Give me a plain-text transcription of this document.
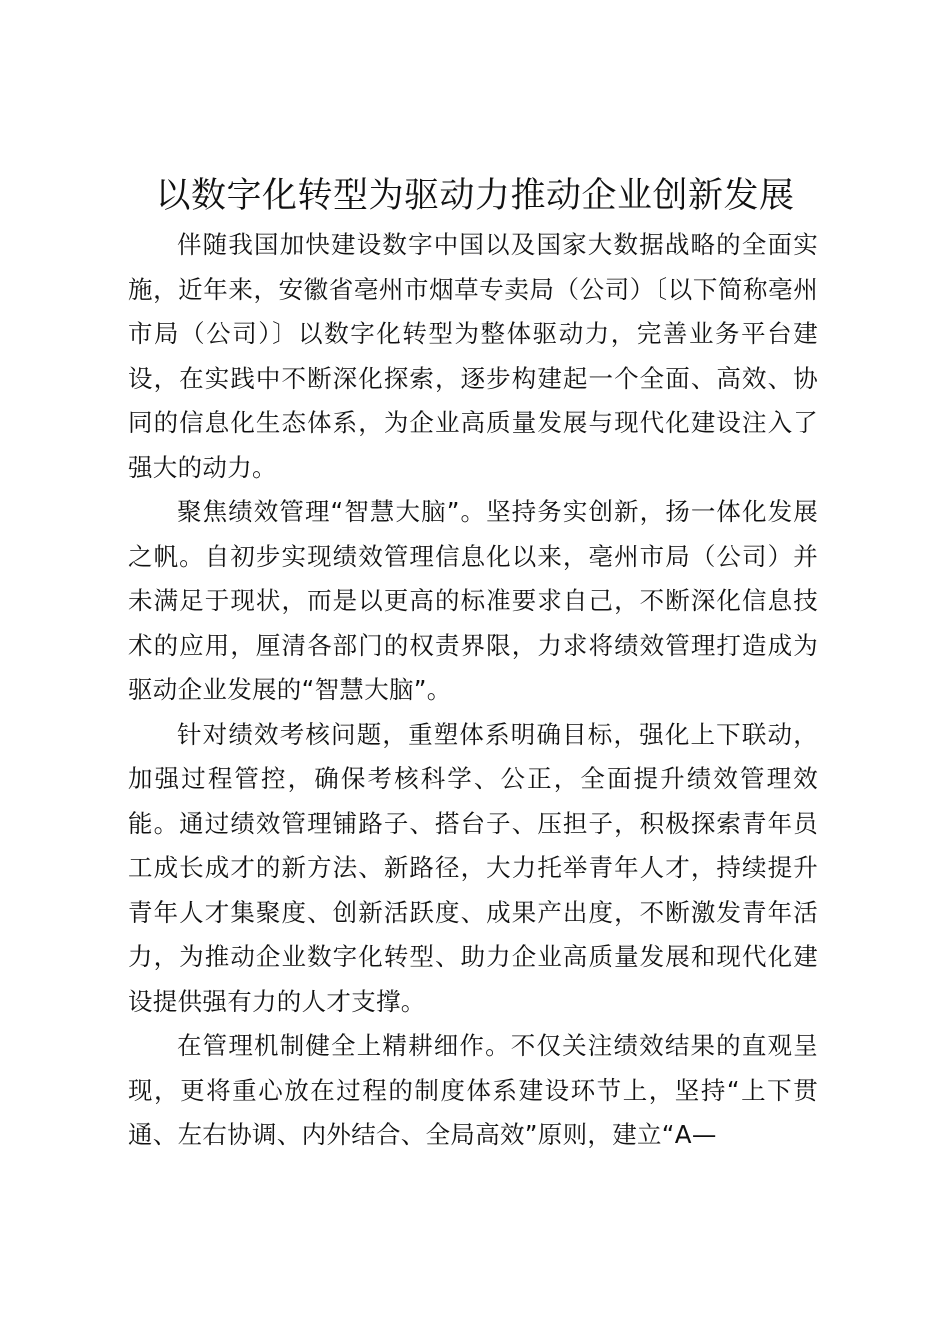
以数字化转型为驱动力推动企业创新发展

伴随我国加快建设数字中国以及国家大数据战略的全面实施，近年来，安徽省亳州市烟草专卖局（公司）〔以下简称亳州市局（公司）〕以数字化转型为整体驱动力，完善业务平台建设，在实践中不断深化探索，逐步构建起一个全面、高效、协同的信息化生态体系，为企业高质量发展与现代化建设注入了强大的动力。

聚焦绩效管理“智慧大脑”。坚持务实创新，扬一体化发展之帆。自初步实现绩效管理信息化以来，亳州市局（公司）并未满足于现状，而是以更高的标准要求自己，不断深化信息技术的应用，厘清各部门的权责界限，力求将绩效管理打造成为驱动企业发展的“智慧大脑”。

针对绩效考核问题，重塑体系明确目标，强化上下联动，加强过程管控，确保考核科学、公正，全面提升绩效管理效能。通过绩效管理铺路子、搭台子、压担子，积极探索青年员工成长成才的新方法、新路径，大力托举青年人才，持续提升青年人才集聚度、创新活跃度、成果产出度，不断激发青年活力，为推动企业数字化转型、助力企业高质量发展和现代化建设提供强有力的人才支撑。

在管理机制健全上精耕细作。不仅关注绩效结果的直观呈现，更将重心放在过程的制度体系建设环节上，坚持“上下贯通、左右协调、内外结合、全局高效”原则，建立“A—
